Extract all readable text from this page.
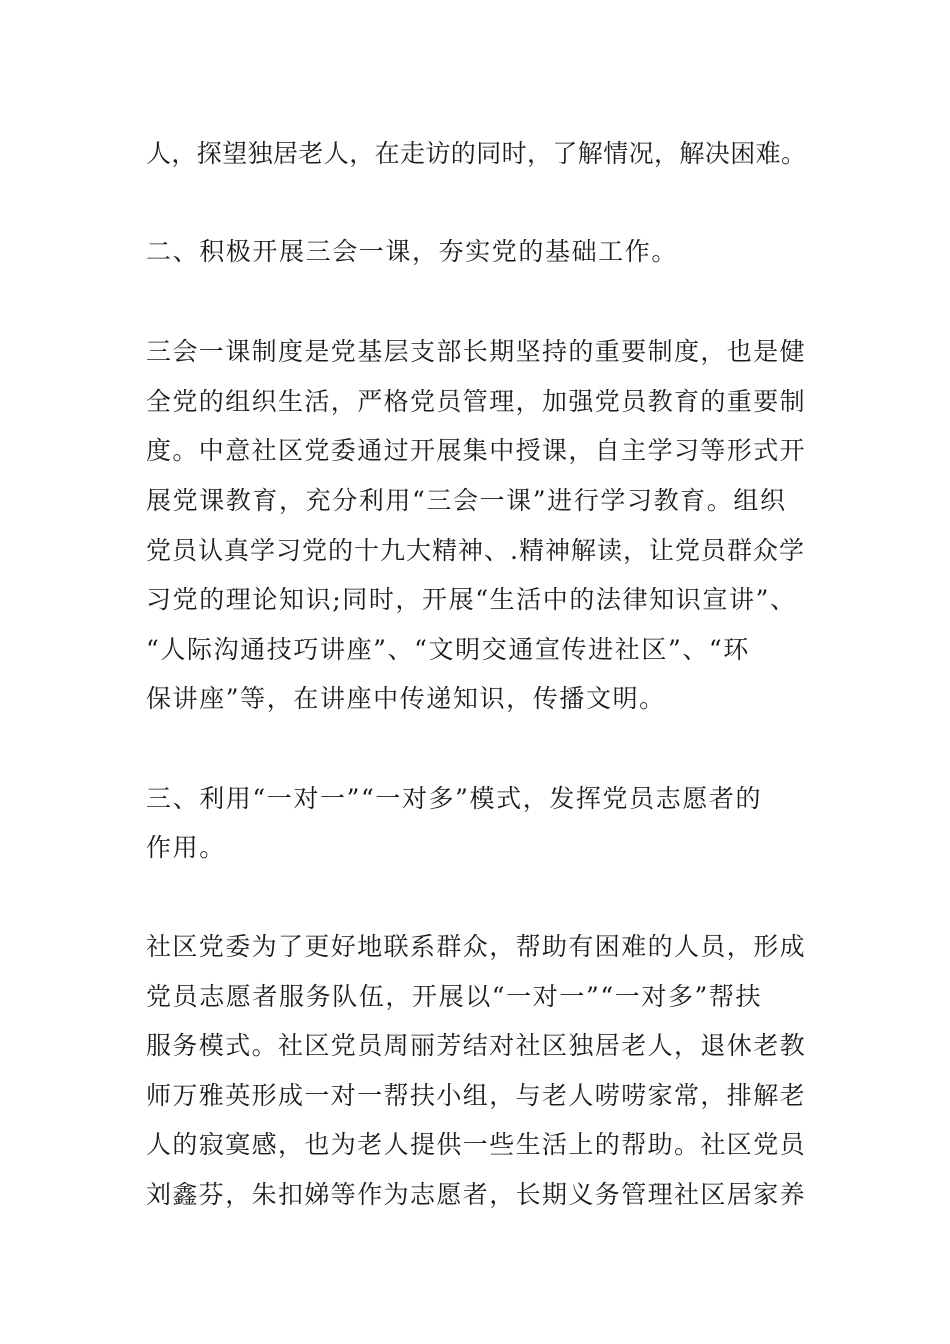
人，探望独居老人，在走访的同时，了解情况，解决困难。
二、积极开展三会一课，夯实党的基础工作。
三会一课制度是党基层支部长期坚持的重要制度，也是健
全党的组织生活，严格党员管理，加强党员教育的重要制
度。中意社区党委通过开展集中授课，自主学习等形式开
展党课教育，充分利用“三会一课”进行学习教育。组织
党员认真学习党的十九大精神、.精神解读，让党员群众学
习党的理论知识;同时，开展“生活中的法律知识宣讲”、
“人际沟通技巧讲座”、“文明交通宣传进社区”、“环
保讲座”等，在讲座中传递知识，传播文明。
三、利用“一对一”“一对多”模式，发挥党员志愿者的
作用。
社区党委为了更好地联系群众，帮助有困难的人员，形成
党员志愿者服务队伍，开展以“一对一”“一对多”帮扶
服务模式。社区党员周丽芳结对社区独居老人，退休老教
师万雅英形成一对一帮扶小组，与老人唠唠家常，排解老
人的寂寞感，也为老人提供一些生活上的帮助。社区党员
刘鑫芬，朱扣娣等作为志愿者，长期义务管理社区居家养
